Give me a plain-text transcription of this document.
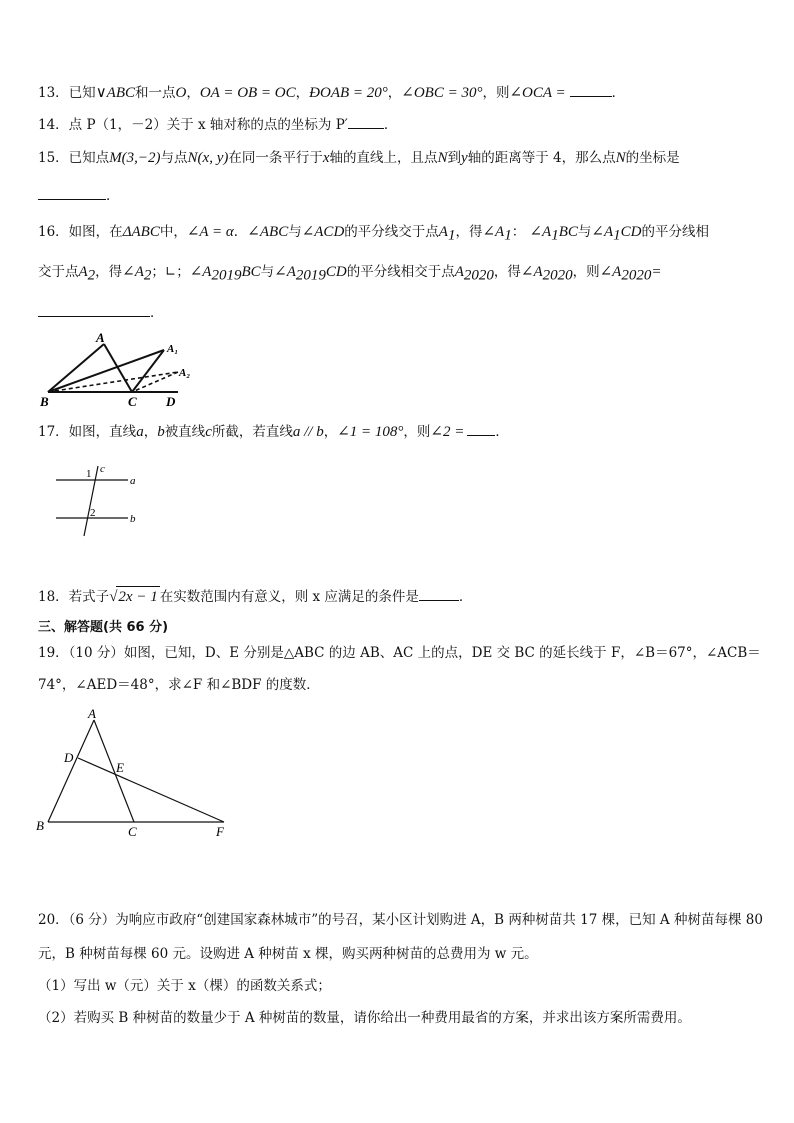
13．已知∨ABC和一点O，OA = OB = OC，ÐOAB = 20°，∠OBC = 30°，则∠OCA =	．
14．点 P（1，－2）关于 x 轴对称的点的坐标为 P′	．
15．已知点M(3,−2)与点N(x, y)在同一条平行于x轴的直线上，且点N到y轴的距离等于 4，那么点N的坐标是
．
16．如图，在ΔABC中，∠A = α．∠ABC与∠ACD的平分线交于点$A_1$，得$\angle A_1$： $\angle A_1BC$与$\angle A_1CD$的平分线相
交于点$A_2$，得$\angle A_2$；∟；$\angle A_{2019}BC$与$\angle A_{2019}CD$的平分线相交于点$A_{2020}$，得$\angle A_{2020}$，则$\angle A_{2020}=$
．
A
A₁
A₂
B	C D
17．如图，直线a，b被直线c所截，若直线a // b，∠1 = 108°，则∠2 = ．
1
2
c
a
b
18．若式子√2x − 1 在实数范围内有意义，则 x 应满足的条件是	．
三、解答题(共 66 分)
19．（10 分）如图，已知，D、E 分别是△ABC 的边 AB、AC 上的点，DE 交 BC 的延长线于 F，∠B＝67°，∠ACB＝
74°，∠AED＝48°，求∠F 和∠BDF 的度数．
A
D
E
B	C	F
20．（6 分）为响应市政府“创建国家森林城市”的号召，某小区计划购进 A，B 两种树苗共 17 棵，已知 A 种树苗每棵 80
元，B 种树苗每棵 60 元。设购进 A 种树苗 x 棵，购买两种树苗的总费用为 w 元。
（1）写出 w（元）关于 x（棵）的函数关系式；
（2）若购买 B 种树苗的数量少于 A 种树苗的数量，请你给出一种费用最省的方案，并求出该方案所需费用。
